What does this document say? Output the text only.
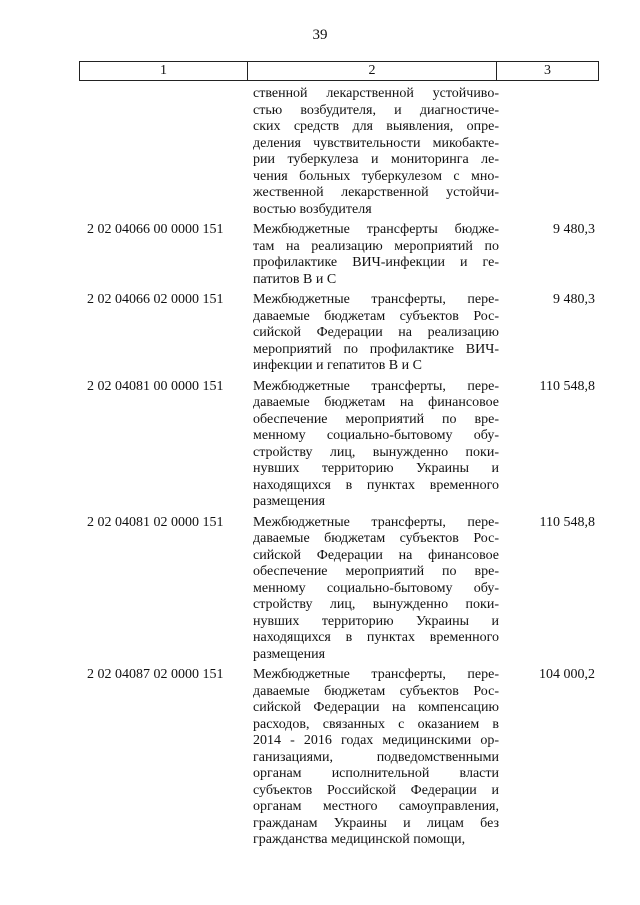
39
1	2	3
ственной лекарственной устойчиво-
стью возбудителя, и диагностиче-
ских средств для выявления, опре-
деления чувствительности микобакте-
рии туберкулеза и мониторинга ле-
чения больных туберкулезом с мно-
жественной лекарственной устойчи-
востью возбудителя
2 02 04066 00 0000 151	Межбюджетные трансферты бюдже-
там на реализацию мероприятий по
профилактике ВИЧ-инфекции и ге-
патитов В и С
9 480,3
2 02 04066 02 0000 151	Межбюджетные трансферты, пере-
даваемые бюджетам субъектов Рос-
сийской Федерации на реализацию
мероприятий по профилактике ВИЧ-
инфекции и гепатитов В и С
9 480,3
2 02 04081 00 0000 151	Межбюджетные трансферты, пере-
даваемые бюджетам на финансовое
обеспечение мероприятий по вре-
менному социально-бытовому обу-
стройству лиц, вынужденно поки-
нувших территорию Украины и
находящихся в пунктах временного
размещения
110 548,8
2 02 04081 02 0000 151	Межбюджетные трансферты, пере-
даваемые бюджетам субъектов Рос-
сийской Федерации на финансовое
обеспечение мероприятий по вре-
менному социально-бытовому обу-
стройству лиц, вынужденно поки-
нувших территорию Украины и
находящихся в пунктах временного
размещения
110 548,8
2 02 04087 02 0000 151	Межбюджетные трансферты, пере-
даваемые бюджетам субъектов Рос-
сийской Федерации на компенсацию
расходов, связанных с оказанием в
2014 - 2016 годах медицинскими ор-
ганизациями, подведомственными
органам исполнительной власти
субъектов Российской Федерации и
органам местного самоуправления,
гражданам Украины и лицам без
гражданства медицинской помощи,
104 000,2
